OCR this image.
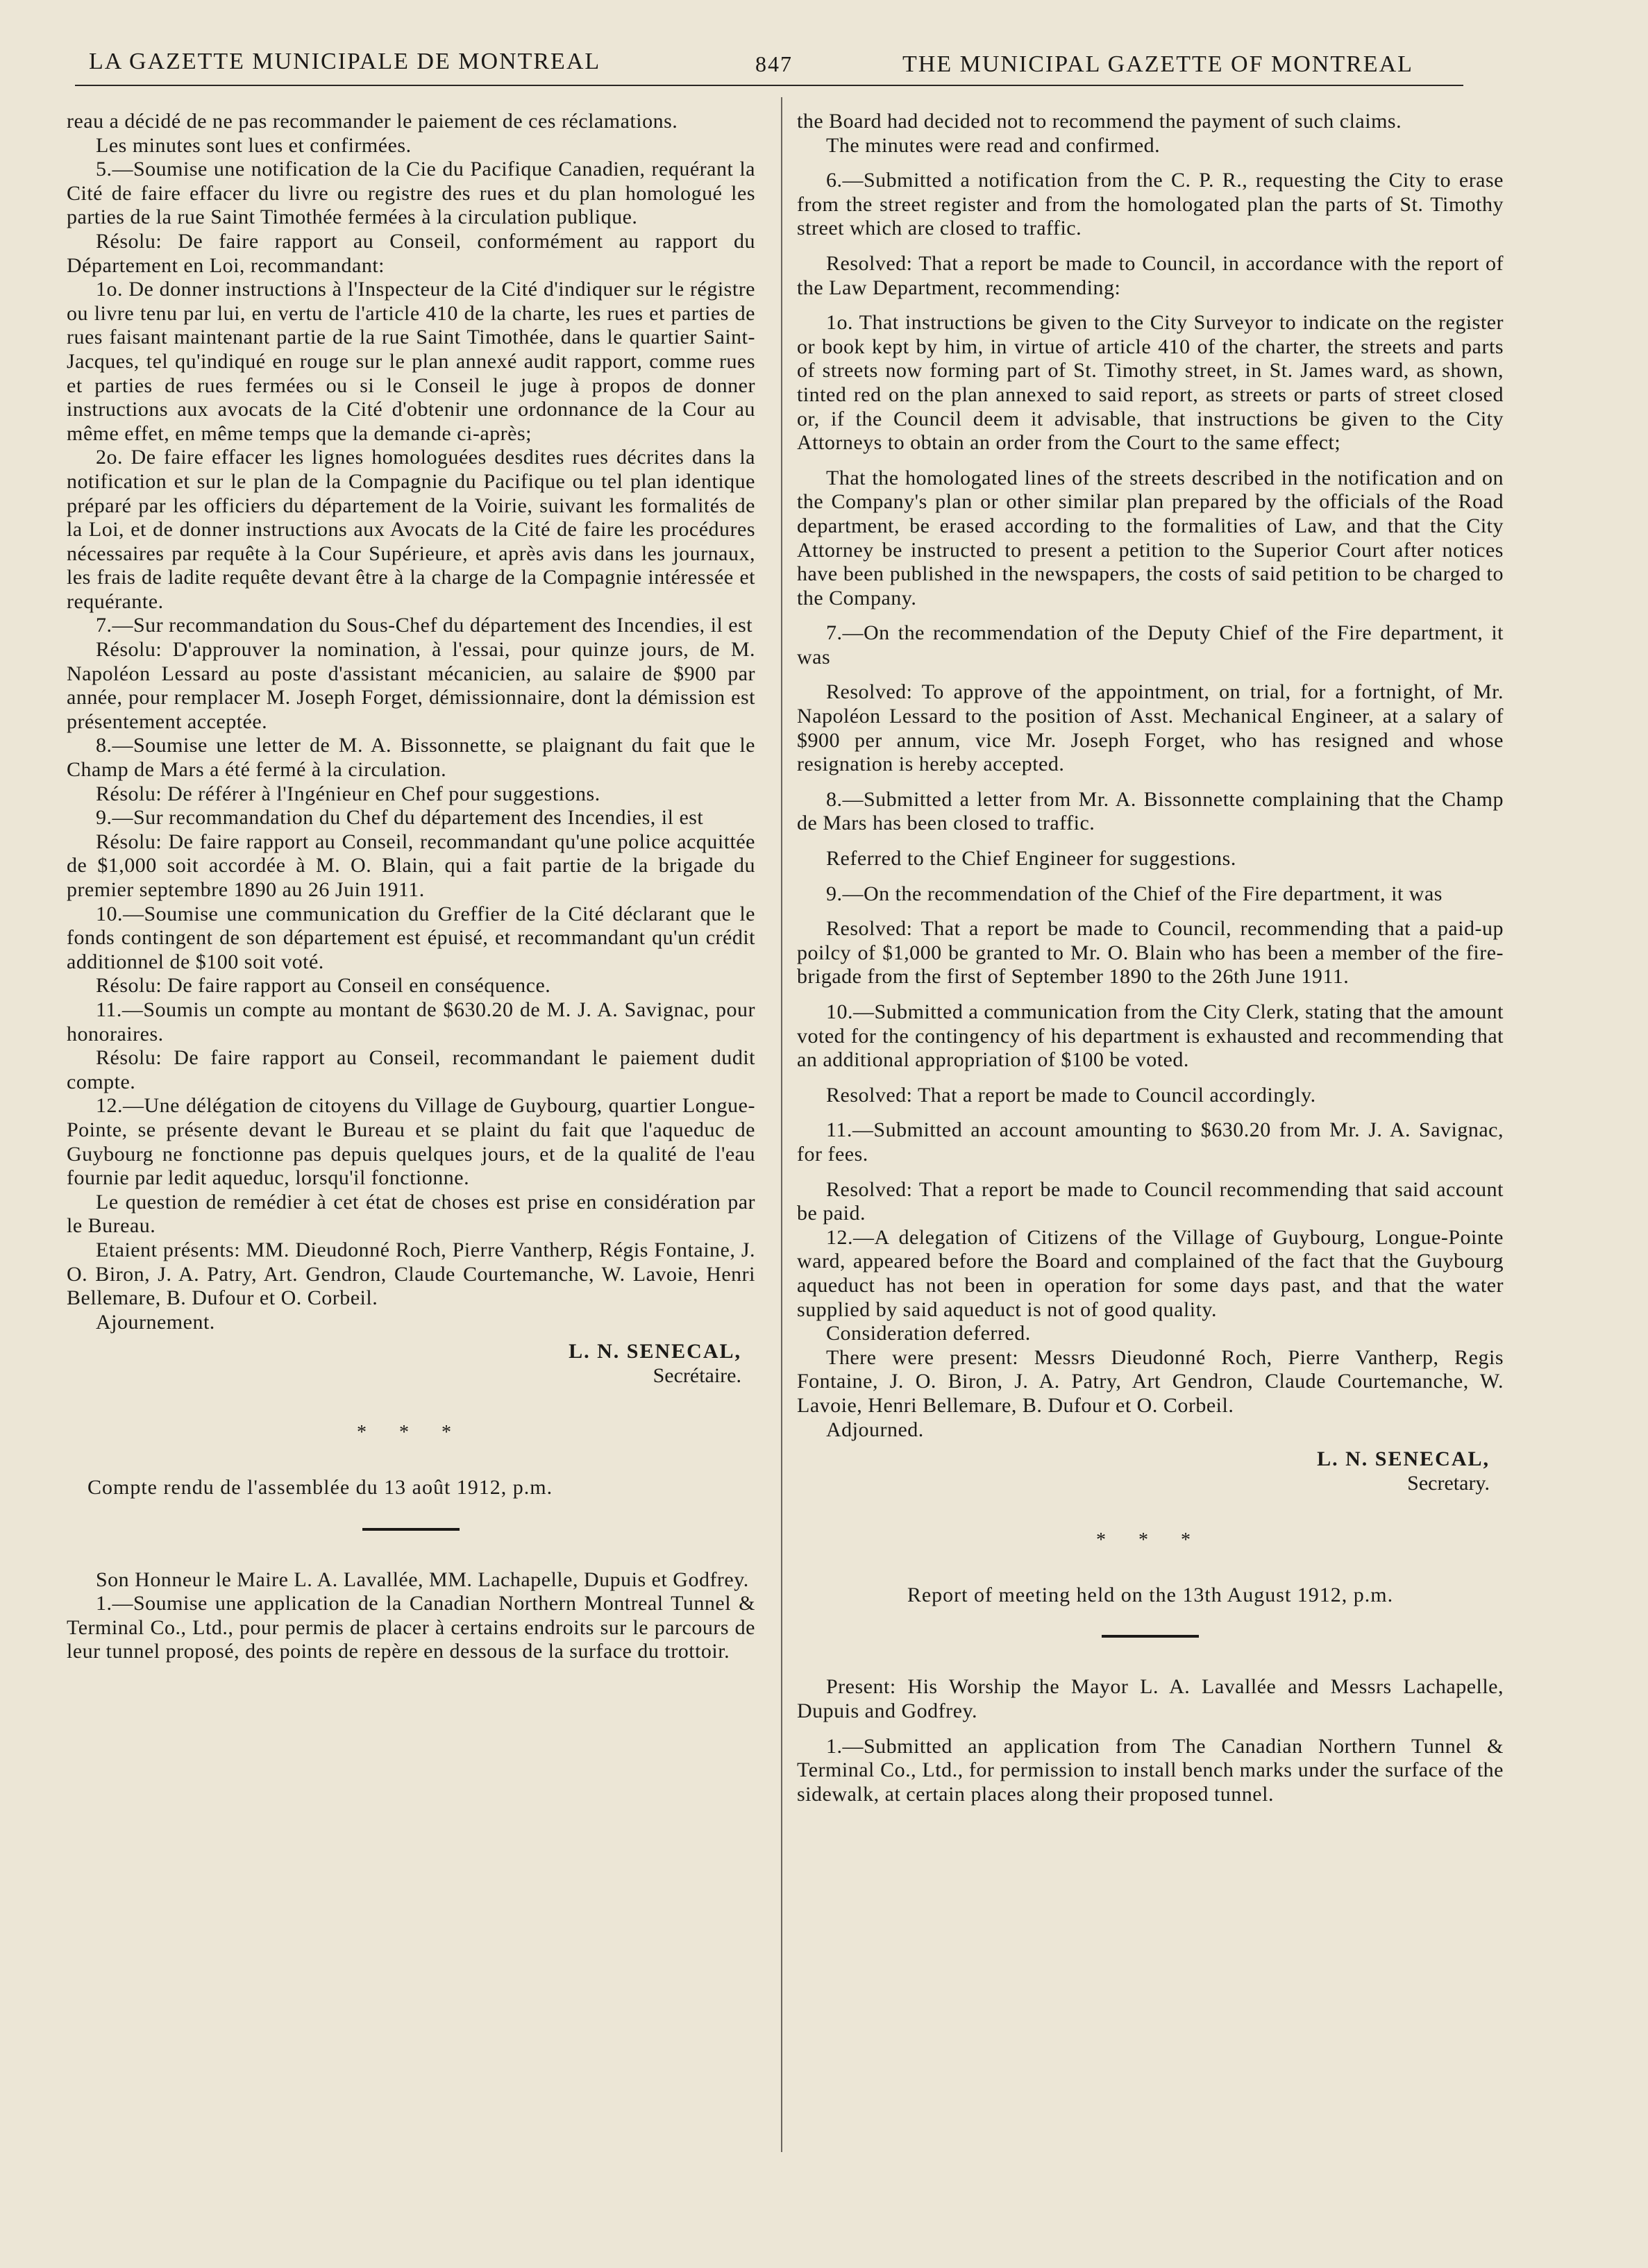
LA GAZETTE MUNICIPALE DE MONTREAL	847	THE MUNICIPAL GAZETTE OF MONTREAL

reau a décidé de ne pas recommander le paiement de ces réclamations.

Les minutes sont lues et confirmées.

5.—Soumise une notification de la Cie du Pacifique Canadien, requérant la Cité de faire effacer du livre ou registre des rues et du plan homologué les parties de la rue Saint Timothée fermées à la circulation publique.

Résolu: De faire rapport au Conseil, conformément au rapport du Département en Loi, recommandant:

1o. De donner instructions à l'Inspecteur de la Cité d'indiquer sur le régistre ou livre tenu par lui, en vertu de l'article 410 de la charte, les rues et parties de rues faisant maintenant partie de la rue Saint Timothée, dans le quartier Saint-Jacques, tel qu'indiqué en rouge sur le plan annexé audit rapport, comme rues et parties de rues fermées ou si le Conseil le juge à propos de donner instructions aux avocats de la Cité d'obtenir une ordonnance de la Cour au même effet, en même temps que la demande ci-après;

2o. De faire effacer les lignes homologuées desdites rues décrites dans la notification et sur le plan de la Compagnie du Pacifique ou tel plan identique préparé par les officiers du département de la Voirie, suivant les formalités de la Loi, et de donner instructions aux Avocats de la Cité de faire les procédures nécessaires par requête à la Cour Supérieure, et après avis dans les journaux, les frais de ladite requête devant être à la charge de la Compagnie intéressée et requérante.

7.—Sur recommandation du Sous-Chef du département des Incendies, il est

Résolu: D'approuver la nomination, à l'essai, pour quinze jours, de M. Napoléon Lessard au poste d'assistant mécanicien, au salaire de $900 par année, pour remplacer M. Joseph Forget, démissionnaire, dont la démission est présentement acceptée.

8.—Soumise une letter de M. A. Bissonnette, se plaignant du fait que le Champ de Mars a été fermé à la circulation.

Résolu: De référer à l'Ingénieur en Chef pour suggestions.

9.—Sur recommandation du Chef du département des Incendies, il est

Résolu: De faire rapport au Conseil, recommandant qu'une police acquittée de $1,000 soit accordée à M. O. Blain, qui a fait partie de la brigade du premier septembre 1890 au 26 Juin 1911.

10.—Soumise une communication du Greffier de la Cité déclarant que le fonds contingent de son département est épuisé, et recommandant qu'un crédit additionnel de $100 soit voté.

Résolu: De faire rapport au Conseil en conséquence.

11.—Soumis un compte au montant de $630.20 de M. J. A. Savignac, pour honoraires.

Résolu: De faire rapport au Conseil, recommandant le paiement dudit compte.

12.—Une délégation de citoyens du Village de Guybourg, quartier Longue-Pointe, se présente devant le Bureau et se plaint du fait que l'aqueduc de Guybourg ne fonctionne pas depuis quelques jours, et de la qualité de l'eau fournie par ledit aqueduc, lorsqu'il fonctionne.

Le question de remédier à cet état de choses est prise en considération par le Bureau.

Etaient présents: MM. Dieudonné Roch, Pierre Vantherp, Régis Fontaine, J. O. Biron, J. A. Patry, Art. Gendron, Claude Courtemanche, W. Lavoie, Henri Bellemare, B. Dufour et O. Corbeil.

Ajournement.

L. N. SENECAL,
Secrétaire.
* * *
Compte rendu de l'assemblée du 13 août 1912, p.m.

Son Honneur le Maire L. A. Lavallée, MM. Lachapelle, Dupuis et Godfrey.

1.—Soumise une application de la Canadian Northern Montreal Tunnel & Terminal Co., Ltd., pour permis de placer à certains endroits sur le parcours de leur tunnel proposé, des points de repère en dessous de la surface du trottoir.

the Board had decided not to recommend the payment of such claims.

The minutes were read and confirmed.

6.—Submitted a notification from the C. P. R., requesting the City to erase from the street register and from the homologated plan the parts of St. Timothy street which are closed to traffic.

Resolved: That a report be made to Council, in accordance with the report of the Law Department, recommending:

1o. That instructions be given to the City Surveyor to indicate on the register or book kept by him, in virtue of article 410 of the charter, the streets and parts of streets now forming part of St. Timothy street, in St. James ward, as shown, tinted red on the plan annexed to said report, as streets or parts of street closed or, if the Council deem it advisable, that instructions be given to the City Attorneys to obtain an order from the Court to the same effect;

That the homologated lines of the streets described in the notification and on the Company's plan or other similar plan prepared by the officials of the Road department, be erased according to the formalities of Law, and that the City Attorney be instructed to present a petition to the Superior Court after notices have been published in the newspapers, the costs of said petition to be charged to the Company.

7.—On the recommendation of the Deputy Chief of the Fire department, it was

Resolved: To approve of the appointment, on trial, for a fortnight, of Mr. Napoléon Lessard to the position of Asst. Mechanical Engineer, at a salary of $900 per annum, vice Mr. Joseph Forget, who has resigned and whose resignation is hereby accepted.

8.—Submitted a letter from Mr. A. Bissonnette complaining that the Champ de Mars has been closed to traffic.

Referred to the Chief Engineer for suggestions.

9.—On the recommendation of the Chief of the Fire department, it was

Resolved: That a report be made to Council, recommending that a paid-up poilcy of $1,000 be granted to Mr. O. Blain who has been a member of the fire-brigade from the first of September 1890 to the 26th June 1911.

10.—Submitted a communication from the City Clerk, stating that the amount voted for the contingency of his department is exhausted and recommending that an additional appropriation of $100 be voted.

Resolved: That a report be made to Council accordingly.

11.—Submitted an account amounting to $630.20 from Mr. J. A. Savignac, for fees.

Resolved: That a report be made to Council recommending that said account be paid.

12.—A delegation of Citizens of the Village of Guybourg, Longue-Pointe ward, appeared before the Board and complained of the fact that the Guybourg aqueduct has not been in operation for some days past, and that the water supplied by said aqueduct is not of good quality.

Consideration deferred.

There were present: Messrs Dieudonné Roch, Pierre Vantherp, Regis Fontaine, J. O. Biron, J. A. Patry, Art Gendron, Claude Courtemanche, W. Lavoie, Henri Bellemare, B. Dufour et O. Corbeil.

Adjourned.

L. N. SENECAL,
Secretary.
* * *
Report of meeting held on the 13th August 1912, p.m.

Present: His Worship the Mayor L. A. Lavallée and Messrs Lachapelle, Dupuis and Godfrey.

1.—Submitted an application from The Canadian Northern Tunnel & Terminal Co., Ltd., for permission to install bench marks under the surface of the sidewalk, at certain places along their proposed tunnel.
